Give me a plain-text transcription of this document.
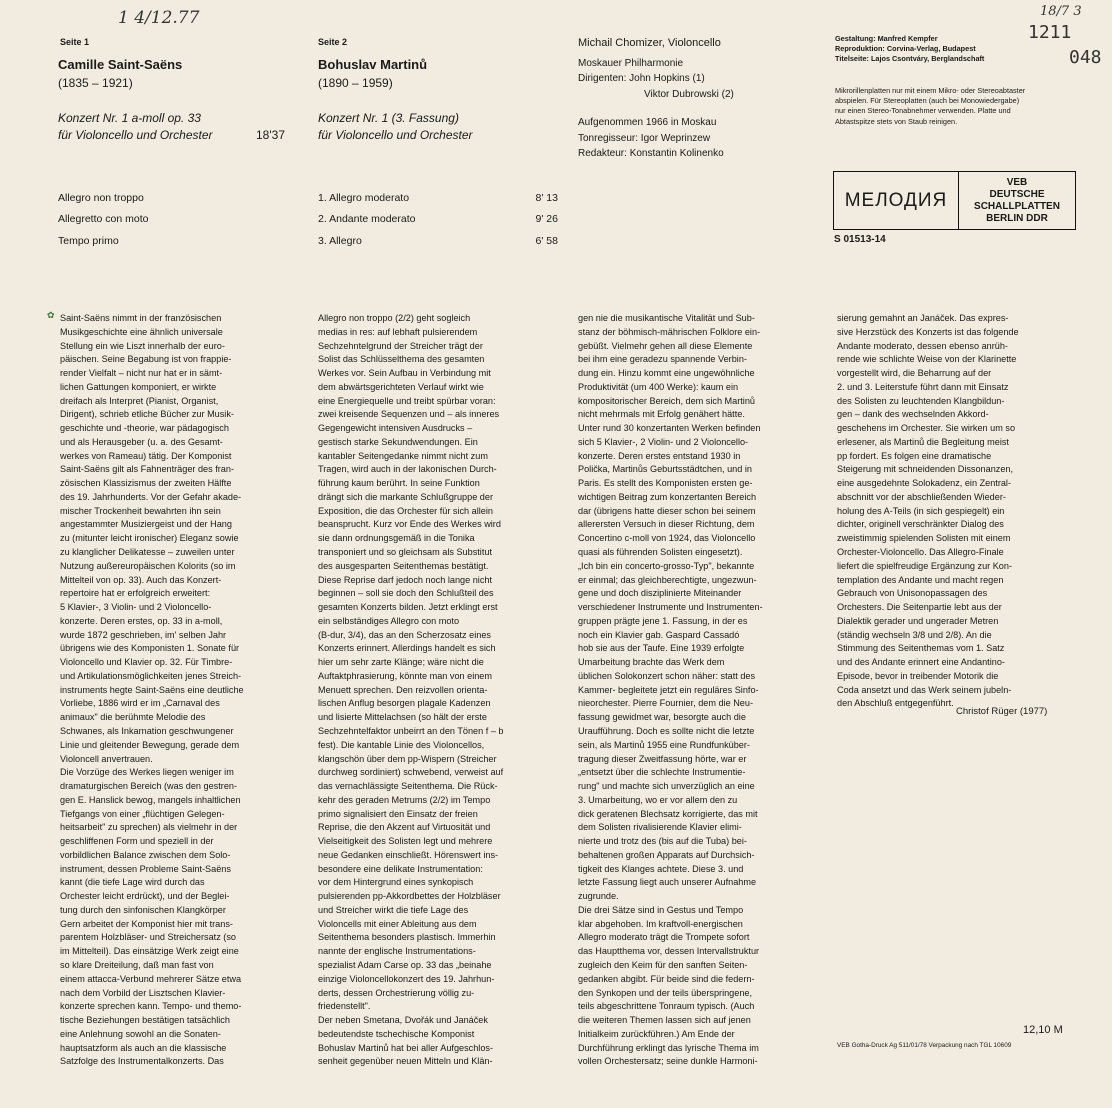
1 4/12.77	18/7 3
1211
048
Seite 1
Camille Saint-Saëns
(1835 – 1921)
Konzert Nr. 1 a-moll op. 33
für Violoncello und Orchester	18'37
Allegro non troppo
Allegretto con moto
Tempo primo
Seite 2
Bohuslav Martinů
(1890 – 1959)
Konzert Nr. 1 (3. Fassung)
für Violoncello und Orchester
1. Allegro moderato	8' 13
2. Andante moderato	9' 26
3. Allegro	6' 58
Michail Chomizer, Violoncello
Moskauer Philharmonie
Dirigenten: John Hopkins (1)
Viktor Dubrowski (2)
Aufgenommen 1966 in Moskau
Tonregisseur: Igor Weprinzew
Redakteur: Konstantin Kolinenko
Gestaltung: Manfred Kempfer
Reproduktion: Corvina-Verlag, Budapest
Titelseite: Lajos Csontváry, Berglandschaft
Mikrorillenplatten nur mit einem Mikro- oder Stereoabtaster
abspielen. Für Stereoplatten (auch bei Monowiedergabe)
nur einen Stereo-Tonabnehmer verwenden. Platte und
Abtastspitze stets von Staub reinigen.
МЕЛОДИЯ
VEB
DEUTSCHE
SCHALLPLATTEN
BERLIN DDR
S 01513-14
✿ Saint-Saëns nimmt in der französischen
Musikgeschichte eine ähnlich universale
Stellung ein wie Liszt innerhalb der euro-
päischen. Seine Begabung ist von frappie-
render Vielfalt – nicht nur hat er in sämt-
lichen Gattungen komponiert, er wirkte
dreifach als Interpret (Pianist, Organist,
Dirigent), schrieb etliche Bücher zur Musik-
geschichte und -theorie, war pädagogisch
und als Herausgeber (u. a. des Gesamt-
werkes von Rameau) tätig. Der Komponist
Saint-Saëns gilt als Fahnenträger des fran-
zösischen Klassizismus der zweiten Hälfte
des 19. Jahrhunderts. Vor der Gefahr akade-
mischer Trockenheit bewahrten ihn sein
angestammter Musiziergeist und der Hang
zu (mitunter leicht ironischer) Eleganz sowie
zu klanglicher Delikatesse – zuweilen unter
Nutzung außereuropäischen Kolorits (so im
Mittelteil von op. 33). Auch das Konzert-
repertoire hat er erfolgreich erweitert:
5 Klavier-, 3 Violin- und 2 Violoncello-
konzerte. Deren erstes, op. 33 in a-moll,
wurde 1872 geschrieben, im' selben Jahr
übrigens wie des Komponisten 1. Sonate für
Violoncello und Klavier op. 32. Für Timbre-
und Artikulationsmöglichkeiten jenes Streich-
instruments hegte Saint-Saëns eine deutliche
Vorliebe, 1886 wird er im „Carnaval des
animaux" die berühmte Melodie des
Schwanes, als Inkarnation geschwungener
Linie und gleitender Bewegung, gerade dem
Violoncell anvertrauen.
Die Vorzüge des Werkes liegen weniger im
dramaturgischen Bereich (was den gestren-
gen E. Hanslick bewog, mangels inhaltlichen
Tiefgangs von einer „flüchtigen Gelegen-
heitsarbeit" zu sprechen) als vielmehr in der
geschliffenen Form und speziell in der
vorbildlichen Balance zwischen dem Solo-
instrument, dessen Probleme Saint-Saëns
kannt (die tiefe Lage wird durch das
Orchester leicht erdrückt), und der Beglei-
tung durch den sinfonischen Klangkörper
Gern arbeitet der Komponist hier mit trans-
parentem Holzbläser- und Streichersatz (so
im Mittelteil). Das einsätzige Werk zeigt eine
so klare Dreiteilung, daß man fast von
einem attacca-Verbund mehrerer Sätze etwa
nach dem Vorbild der Lisztschen Klavier-
konzerte sprechen kann. Tempo- und themo-
tische Beziehungen bestätigen tatsächlich
eine Anlehnung sowohl an die Sonaten-
hauptsatzform als auch an die klassische
Satzfolge des Instrumentalkonzerts. Das
Allegro non troppo (2/2) geht sogleich
medias in res: auf lebhaft pulsierendem
Sechzehntelgrund der Streicher trägt der
Solist das Schlüsselthema des gesamten
Werkes vor. Sein Aufbau in Verbindung mit
dem abwärtsgerichteten Verlauf wirkt wie
eine Energiequelle und treibt spürbar voran:
zwei kreisende Sequenzen und – als inneres
Gegengewicht intensiven Ausdrucks –
gestisch starke Sekundwendungen. Ein
kantabler Seitengedanke nimmt nicht zum
Tragen, wird auch in der lakonischen Durch-
führung kaum berührt. In seine Funktion
drängt sich die markante Schlußgruppe der
Exposition, die das Orchester für sich allein
beansprucht. Kurz vor Ende des Werkes wird
sie dann ordnungsgemäß in die Tonika
transponiert und so gleichsam als Substitut
des ausgesparten Seitenthemas bestätigt.
Diese Reprise darf jedoch noch lange nicht
beginnen – soll sie doch den Schlußteil des
gesamten Konzerts bilden. Jetzt erklingt erst
ein selbständiges Allegro con moto
(B-dur, 3/4), das an den Scherzosatz eines
Konzerts erinnert. Allerdings handelt es sich
hier um sehr zarte Klänge; wäre nicht die
Auftaktphrasierung, könnte man von einem
Menuett sprechen. Den reizvollen orienta-
lischen Anflug besorgen plagale Kadenzen
und lisierte Mittelachsen (so hält der erste
Sechzehntelfaktor unbeirrt an den Tönen f – b
fest). Die kantable Linie des Violoncellos,
klangschön über dem pp-Wispern (Streicher
durchweg sordiniert) schwebend, verweist auf
das vernachlässigte Seitenthema. Die Rück-
kehr des geraden Metrums (2/2) im Tempo
primo signalisiert den Einsatz der freien
Reprise, die den Akzent auf Virtuosität und
Vielseitigkeit des Solisten legt und mehrere
neue Gedanken einschließt. Hörenswert ins-
besondere eine delikate Instrumentation:
vor dem Hintergrund eines synkopisch
pulsierenden pp-Akkordbettes der Holzbläser
und Streicher wirkt die tiefe Lage des
Violoncells mit einer Ableitung aus dem
Seitenthema besonders plastisch. Immerhin
nannte der englische Instrumentations-
spezialist Adam Carse op. 33 das „beinahe
einzige Violoncellokonzert des 19. Jahrhun-
derts, dessen Orchestrierung völlig zu-
friedenstellt".
Der neben Smetana, Dvořák und Janáček
bedeutendste tschechische Komponist
Bohuslav Martinů hat bei aller Aufgeschlos-
senheit gegenüber neuen Mitteln und Klän-
gen nie die musikantische Vitalität und Sub-
stanz der böhmisch-mährischen Folklore ein-
gebüßt. Vielmehr gehen all diese Elemente
bei ihm eine geradezu spannende Verbin-
dung ein. Hinzu kommt eine ungewöhnliche
Produktivität (um 400 Werke): kaum ein
kompositorischer Bereich, dem sich Martinů
nicht mehrmals mit Erfolg genähert hätte.
Unter rund 30 konzertanten Werken befinden
sich 5 Klavier-, 2 Violin- und 2 Violoncello-
konzerte. Deren erstes entstand 1930 in
Polička, Martinůs Geburtsstädtchen, und in
Paris. Es stellt des Komponisten ersten ge-
wichtigen Beitrag zum konzertanten Bereich
dar (übrigens hatte dieser schon bei seinem
allerersten Versuch in dieser Richtung, dem
Concertino c-moll von 1924, das Violoncello
quasi als führenden Solisten eingesetzt).
„Ich bin ein concerto-grosso-Typ", bekannte
er einmal; das gleichberechtigte, ungezwun-
gene und doch disziplinierte Miteinander
verschiedener Instrumente und Instrumenten-
gruppen prägte jene 1. Fassung, in der es
noch ein Klavier gab. Gaspard Cassadó
hob sie aus der Taufe. Eine 1939 erfolgte
Umarbeitung brachte das Werk dem
üblichen Solokonzert schon näher: statt des
Kammer- begleitete jetzt ein reguläres Sinfo-
nieorchester. Pierre Fournier, dem die Neu-
fassung gewidmet war, besorgte auch die
Uraufführung. Doch es sollte nicht die letzte
sein, als Martinů 1955 eine Rundfunküber-
tragung dieser Zweitfassung hörte, war er
„entsetzt über die schlechte Instrumentie-
rung" und machte sich unverzüglich an eine
3. Umarbeitung, wo er vor allem den zu
dick geratenen Blechsatz korrigierte, das mit
dem Solisten rivalisierende Klavier elimi-
nierte und trotz des (bis auf die Tuba) bei-
behaltenen großen Apparats auf Durchsich-
tigkeit des Klanges achtete. Diese 3. und
letzte Fassung liegt auch unserer Aufnahme
zugrunde.
Die drei Sätze sind in Gestus und Tempo
klar abgehoben. Im kraftvoll-energischen
Allegro moderato trägt die Trompete sofort
das Hauptthema vor, dessen Intervallstruktur
zugleich den Keim für den sanften Seiten-
gedanken abgibt. Für beide sind die federn-
den Synkopen und der teils überspringene,
teils abgeschrittene Tonraum typisch. (Auch
die weiteren Themen lassen sich auf jenen
Initialkeim zurückführen.) Am Ende der
Durchführung erklingt das lyrische Thema im
vollen Orchestersatz; seine dunkle Harmoni-
sierung gemahnt an Janáček. Das expres-
sive Herzstück des Konzerts ist das folgende
Andante moderato, dessen ebenso anrüh-
rende wie schlichte Weise von der Klarinette
vorgestellt wird, die Beharrung auf der
2. und 3. Leiterstufe führt dann mit Einsatz
des Solisten zu leuchtenden Klangbildun-
gen – dank des wechselnden Akkord-
geschehens im Orchester. Sie wirken um so
erlesener, als Martinů die Begleitung meist
pp fordert. Es folgen eine dramatische
Steigerung mit schneidenden Dissonanzen,
eine ausgedehnte Solokadenz, ein Zentral-
abschnitt vor der abschließenden Wieder-
holung des A-Teils (in sich gespiegelt) ein
dichter, originell verschränkter Dialog des
zweistimmig spielenden Solisten mit einem
Orchester-Violoncello. Das Allegro-Finale
liefert die spielfreudige Ergänzung zur Kon-
templation des Andante und macht regen
Gebrauch von Unisonopassagen des
Orchesters. Die Seitenpartie lebt aus der
Dialektik gerader und ungerader Metren
(ständig wechseln 3/8 und 2/8). An die
Stimmung des Seitenthemas vom 1. Satz
und des Andante erinnert eine Andantino-
Episode, bevor in treibender Motorik die
Coda ansetzt und das Werk seinem jubeln-
den Abschluß entgegenführt.
Christof Rüger (1977)
12,10 M
VEB Gotha-Druck Ag 511/01/78 Verpackung nach TGL 10609
